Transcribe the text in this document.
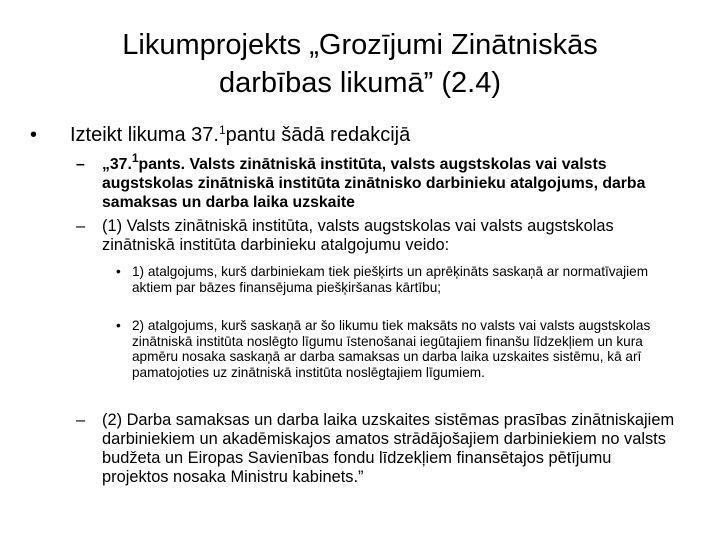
Likumprojekts „Grozījumi Zinātniskās
darbības likumā” (2.4)
• Izteikt likuma 37.$^1$pantu šādā redakcijā
– „37.$^1$pants. Valsts zinātniskā institūta, valsts augstskolas vai valsts augstskolas zinātniskā institūta zinātnisko darbinieku atalgojums, darba samaksas un darba laika uzskaite
– (1) Valsts zinātniskā institūta, valsts augstskolas vai valsts augstskolas zinātniskā institūta darbinieku atalgojumu veido:
• 1) atalgojums, kurš darbiniekam tiek piešķirts un aprēķināts saskaņā ar normatīvajiem aktiem par bāzes finansējuma piešķiršanas kārtību;
• 2) atalgojums, kurš saskaņā ar šo likumu tiek maksāts no valsts vai valsts augstskolas zinātniskā institūta noslēgto līgumu īstenošanai iegūtajiem finanšu līdzekļiem un kura apmēru nosaka saskaņā ar darba samaksas un darba laika uzskaites sistēmu, kā arī pamatojoties uz zinātniskā institūta noslēgtajiem līgumiem.
– (2) Darba samaksas un darba laika uzskaites sistēmas prasības zinātniskajiem darbiniekiem un akadēmiskajos amatos strādājošajiem darbiniekiem no valsts budžeta un Eiropas Savienības fondu līdzekļiem finansētajos pētījumu projektos nosaka Ministru kabinets.”
